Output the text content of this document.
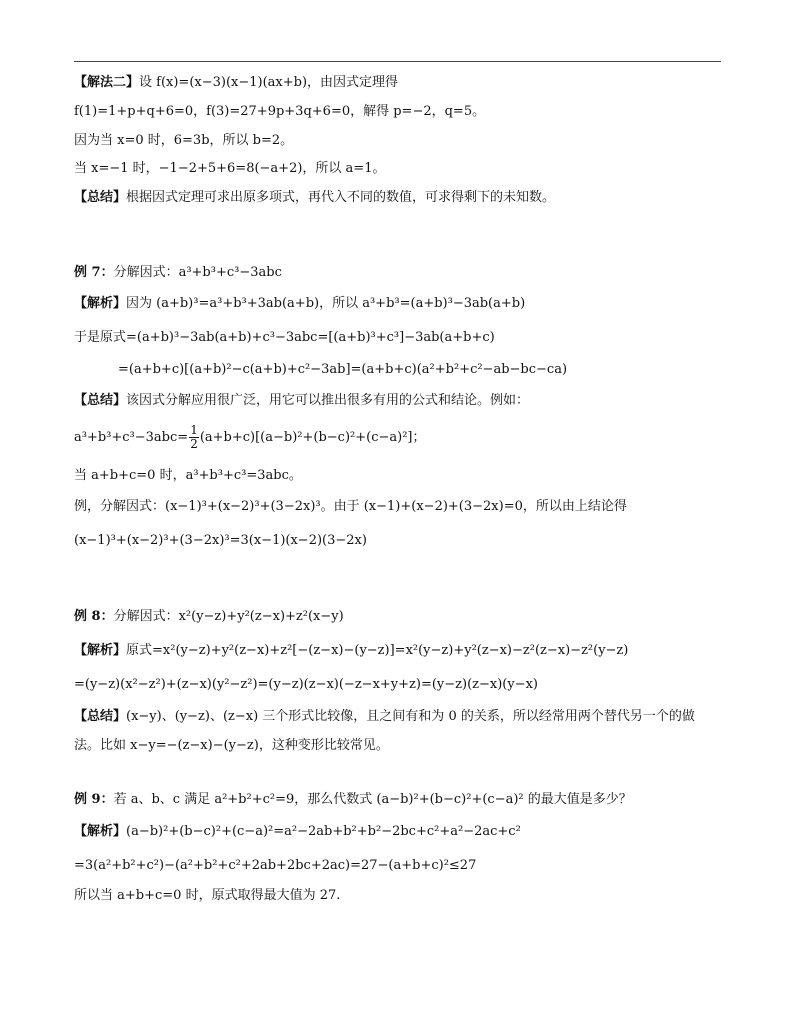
【解法二】设 f(x)=(x−3)(x−1)(ax+b)，由因式定理得
f(1)=1+p+q+6=0，f(3)=27+9p+3q+6=0，解得 p=−2，q=5。
因为当 x=0 时，6=3b，所以 b=2。
当 x=−1 时，−1−2+5+6=8(−a+2)，所以 a=1。
【总结】根据因式定理可求出原多项式，再代入不同的数值，可求得剩下的未知数。
例 7：分解因式：a³+b³+c³−3abc
【解析】因为 (a+b)³=a³+b³+3ab(a+b)，所以 a³+b³=(a+b)³−3ab(a+b)
于是原式=(a+b)³−3ab(a+b)+c³−3abc=[(a+b)³+c³]−3ab(a+b+c)
=(a+b+c)[(a+b)²−c(a+b)+c²−3ab]=(a+b+c)(a²+b²+c²−ab−bc−ca)
【总结】该因式分解应用很广泛，用它可以推出很多有用的公式和结论。例如：
$a^3+b^3+c^3-3abc= \frac{1}{2} (a+b+c)[(a-b)^2+(b-c)^2+(c-a)^2]$；
当 a+b+c=0 时，a³+b³+c³=3abc。
例，分解因式：(x−1)³+(x−2)³+(3−2x)³。由于 (x−1)+(x−2)+(3−2x)=0，所以由上结论得
(x−1)³+(x−2)³+(3−2x)³=3(x−1)(x−2)(3−2x)
例 8：分解因式：x²(y−z)+y²(z−x)+z²(x−y)
【解析】原式=x²(y−z)+y²(z−x)+z²[−(z−x)−(y−z)]=x²(y−z)+y²(z−x)−z²(z−x)−z²(y−z)
=(y−z)(x²−z²)+(z−x)(y²−z²)=(y−z)(z−x)(−z−x+y+z)=(y−z)(z−x)(y−x)
【总结】(x−y)、(y−z)、(z−x) 三个形式比较像，且之间有和为 0 的关系，所以经常用两个替代另一个的做
法。比如 x−y=−(z−x)−(y−z)，这种变形比较常见。
例 9：若 a、b、c 满足 a²+b²+c²=9，那么代数式 (a−b)²+(b−c)²+(c−a)² 的最大值是多少？
【解析】(a−b)²+(b−c)²+(c−a)²=a²−2ab+b²+b²−2bc+c²+a²−2ac+c²
=3(a²+b²+c²)−(a²+b²+c²+2ab+2bc+2ac)=27−(a+b+c)²≤27
所以当 a+b+c=0 时，原式取得最大值为 27.
